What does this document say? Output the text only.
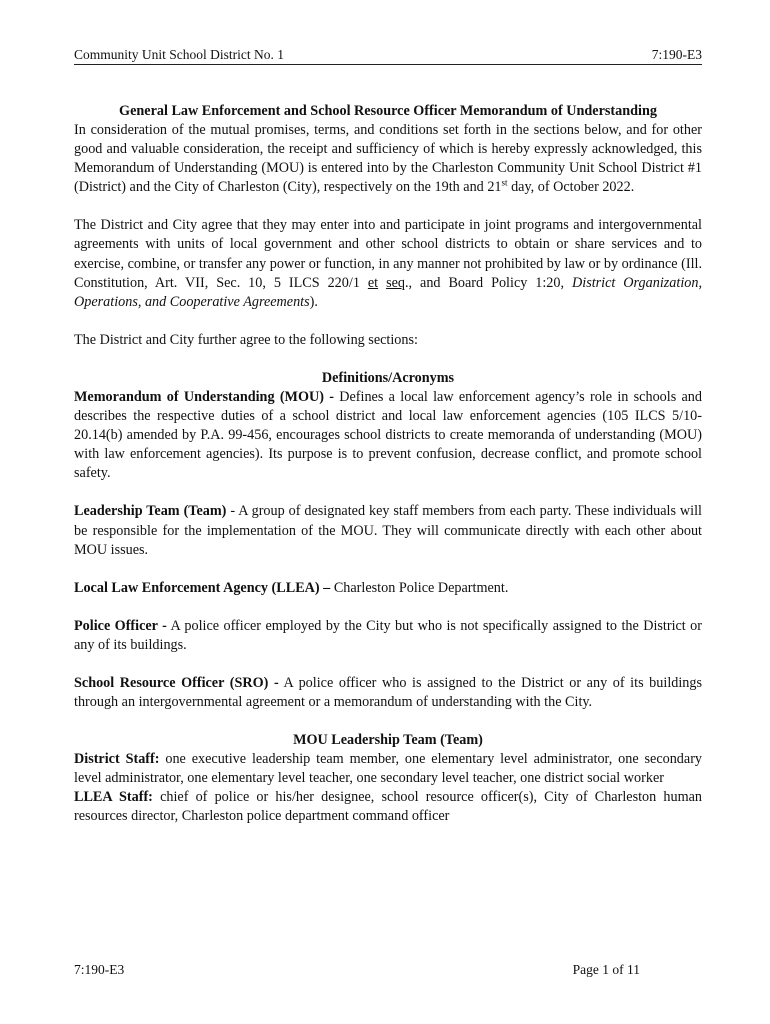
Community Unit School District No. 1	7:190-E3
General Law Enforcement and School Resource Officer Memorandum of Understanding

In consideration of the mutual promises, terms, and conditions set forth in the sections below, and for other good and valuable consideration, the receipt and sufficiency of which is hereby expressly acknowledged, this Memorandum of Understanding (MOU) is entered into by the Charleston Community Unit School District #1 (District) and the City of Charleston (City), respectively on the 19th and 21st day, of October 2022.

The District and City agree that they may enter into and participate in joint programs and intergovernmental agreements with units of local government and other school districts to obtain or share services and to exercise, combine, or transfer any power or function, in any manner not prohibited by law or by ordinance (Ill. Constitution, Art. VII, Sec. 10, 5 ILCS 220/1 et seq., and Board Policy 1:20, District Organization, Operations, and Cooperative Agreements).

The District and City further agree to the following sections:

Definitions/Acronyms

Memorandum of Understanding (MOU) - Defines a local law enforcement agency’s role in schools and describes the respective duties of a school district and local law enforcement agencies (105 ILCS 5/10-20.14(b) amended by P.A. 99-456, encourages school districts to create memoranda of understanding (MOU) with law enforcement agencies). Its purpose is to prevent confusion, decrease conflict, and promote school safety.

Leadership Team (Team) - A group of designated key staff members from each party. These individuals will be responsible for the implementation of the MOU. They will communicate directly with each other about MOU issues.

Local Law Enforcement Agency (LLEA) – Charleston Police Department.

Police Officer - A police officer employed by the City but who is not specifically assigned to the District or any of its buildings.

School Resource Officer (SRO) - A police officer who is assigned to the District or any of its buildings through an intergovernmental agreement or a memorandum of understanding with the City.

MOU Leadership Team (Team)

District Staff: one executive leadership team member, one elementary level administrator, one secondary level administrator, one elementary level teacher, one secondary level teacher, one district social worker

LLEA Staff: chief of police or his/her designee, school resource officer(s), City of Charleston human resources director, Charleston police department command officer

7:190-E3	Page 1 of 11
